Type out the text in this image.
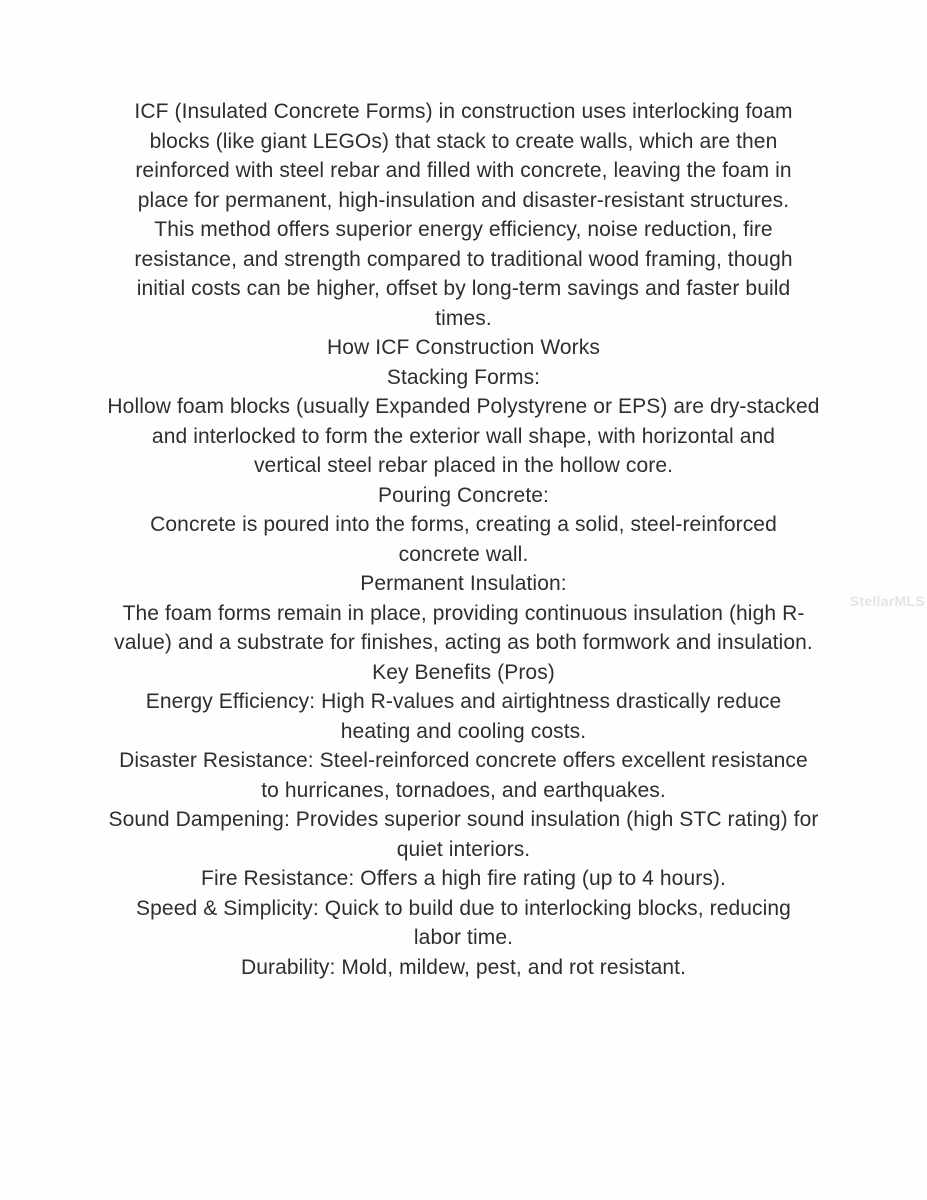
ICF (Insulated Concrete Forms) in construction uses interlocking foam
blocks (like giant LEGOs) that stack to create walls, which are then
reinforced with steel rebar and filled with concrete, leaving the foam in
place for permanent, high-insulation and disaster-resistant structures.
This method offers superior energy efficiency, noise reduction, fire
resistance, and strength compared to traditional wood framing, though
initial costs can be higher, offset by long-term savings and faster build
times.
How ICF Construction Works
Stacking Forms:
Hollow foam blocks (usually Expanded Polystyrene or EPS) are dry-stacked
and interlocked to form the exterior wall shape, with horizontal and
vertical steel rebar placed in the hollow core.
Pouring Concrete:
Concrete is poured into the forms, creating a solid, steel-reinforced
concrete wall.
Permanent Insulation:
The foam forms remain in place, providing continuous insulation (high R-
value) and a substrate for finishes, acting as both formwork and insulation.
Key Benefits (Pros)
Energy Efficiency: High R-values and airtightness drastically reduce
heating and cooling costs.
Disaster Resistance: Steel-reinforced concrete offers excellent resistance
to hurricanes, tornadoes, and earthquakes.
Sound Dampening: Provides superior sound insulation (high STC rating) for
quiet interiors.
Fire Resistance: Offers a high fire rating (up to 4 hours).
Speed & Simplicity: Quick to build due to interlocking blocks, reducing
labor time.
Durability: Mold, mildew, pest, and rot resistant.
StellarMLS
